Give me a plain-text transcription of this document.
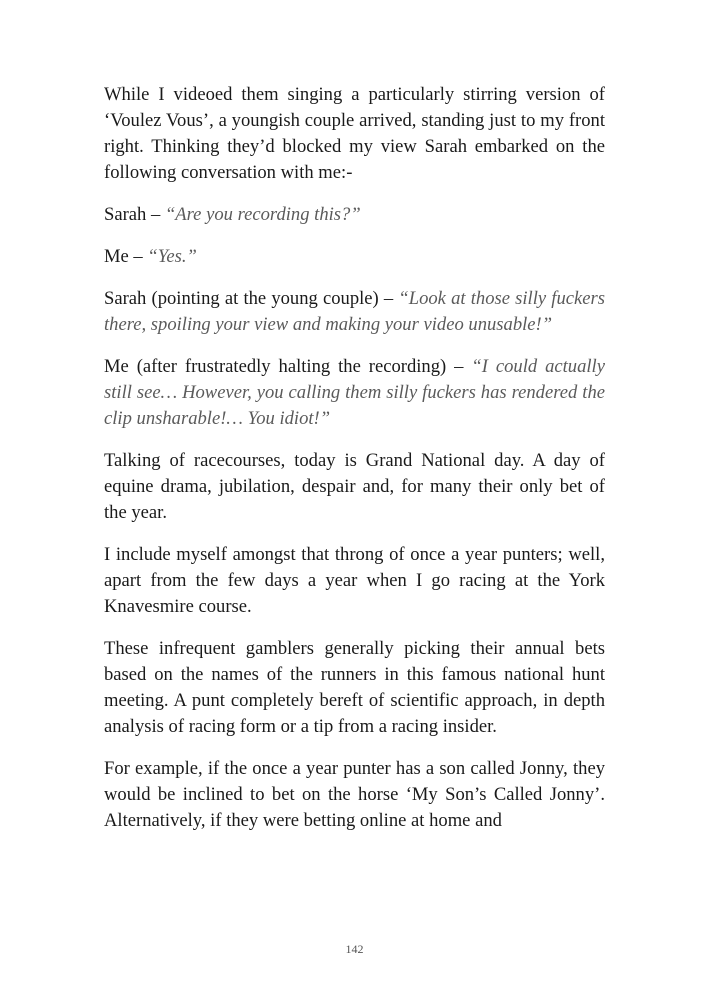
While I videoed them singing a particularly stirring version of ‘Voulez Vous’, a youngish couple arrived, standing just to my front right. Thinking they’d blocked my view Sarah embarked on the following conversation with me:-

Sarah – “Are you recording this?”

Me – “Yes.”

Sarah (pointing at the young couple) – “Look at those silly fuckers there, spoiling your view and making your video unusable!”

Me (after frustratedly halting the recording) – “I could actually still see… However, you calling them silly fuckers has rendered the clip unsharable!… You idiot!”

Talking of racecourses, today is Grand National day. A day of equine drama, jubilation, despair and, for many their only bet of the year.

I include myself amongst that throng of once a year punters; well, apart from the few days a year when I go racing at the York Knavesmire course.

These infrequent gamblers generally picking their annual bets based on the names of the runners in this famous national hunt meeting. A punt completely bereft of scientific approach, in depth analysis of racing form or a tip from a racing insider.

For example, if the once a year punter has a son called Jonny, they would be inclined to bet on the horse ‘My Son’s Called Jonny’. Alternatively, if they were betting online at home and

142
